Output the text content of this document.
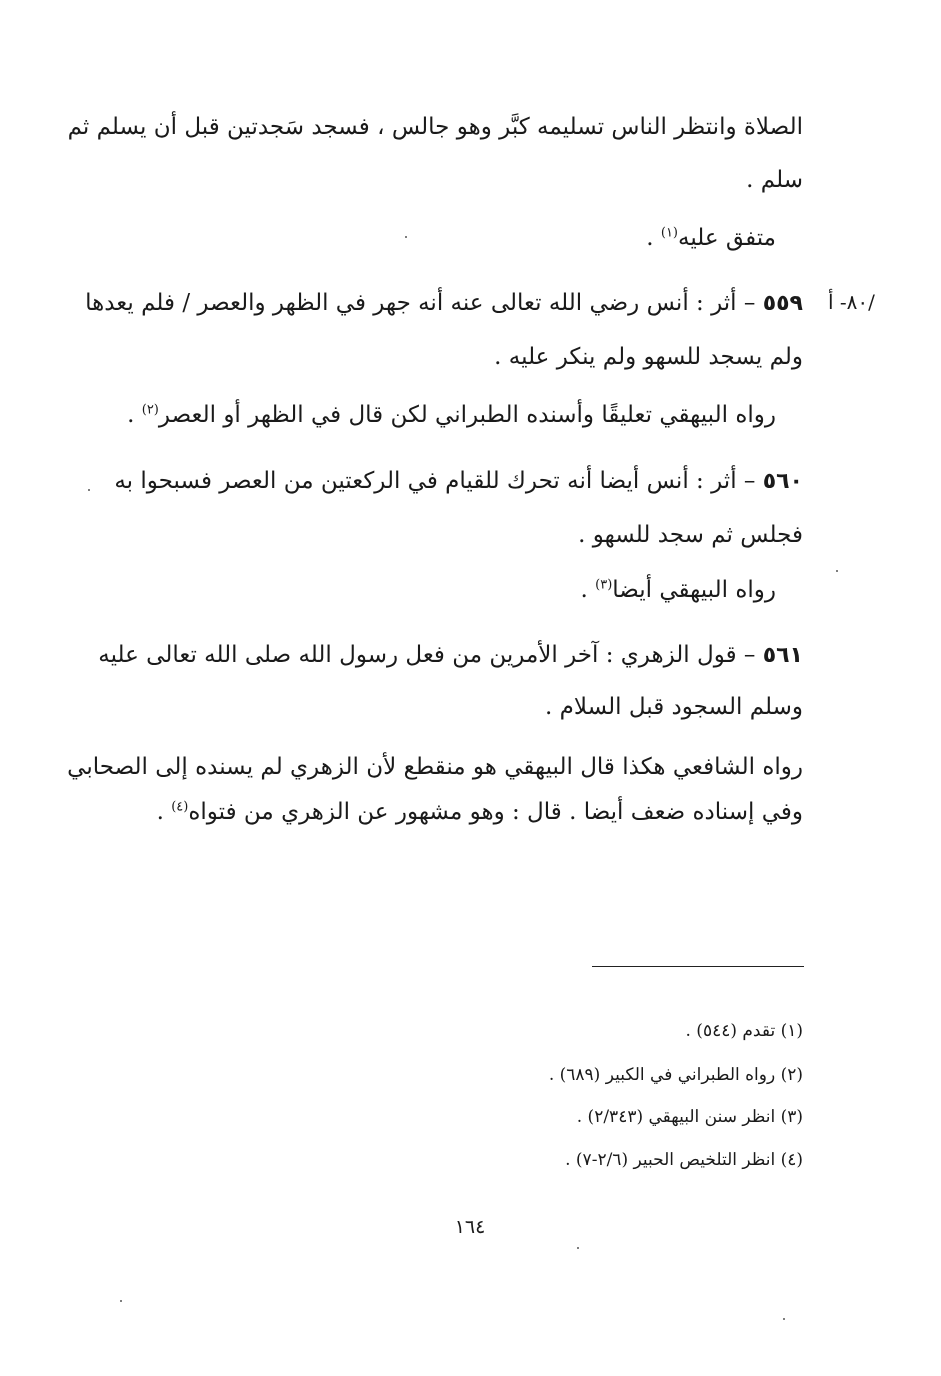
/٨٠- أ
الصلاة وانتظر الناس تسليمه كبَّر وهو جالس ، فسجد سَجدتين قبل أن يسلم ثم
سلم .
متفق عليه$^{(١)}$ .
٥٥٩ – أثر : أنس رضي الله تعالى عنه أنه جهر في الظهر والعصر / فلم يعدها
ولم يسجد للسهو ولم ينكر عليه .
رواه البيهقي تعليقًا وأسنده الطبراني لكن قال في الظهر أو العصر$^{(٢)}$ .
٥٦٠ – أثر : أنس أيضا أنه تحرك للقيام في الركعتين من العصر فسبحوا به
فجلس ثم سجد للسهو .
رواه البيهقي أيضا$^{(٣)}$ .
٥٦١ – قول الزهري : آخر الأمرين من فعل رسول الله صلى الله تعالى عليه
وسلم السجود قبل السلام .
رواه الشافعي هكذا قال البيهقي هو منقطع لأن الزهري لم يسنده إلى الصحابي
وفي إسناده ضعف أيضا . قال : وهو مشهور عن الزهري من فتواه$^{(٤)}$ .
(١) تقدم (٥٤٤) .
(٢) رواه الطبراني في الكبير (٦٨٩) .
(٣) انظر سنن البيهقي (٢/٣٤٣) .
(٤) انظر التلخيص الحبير (٢/٦-٧) .
١٦٤
